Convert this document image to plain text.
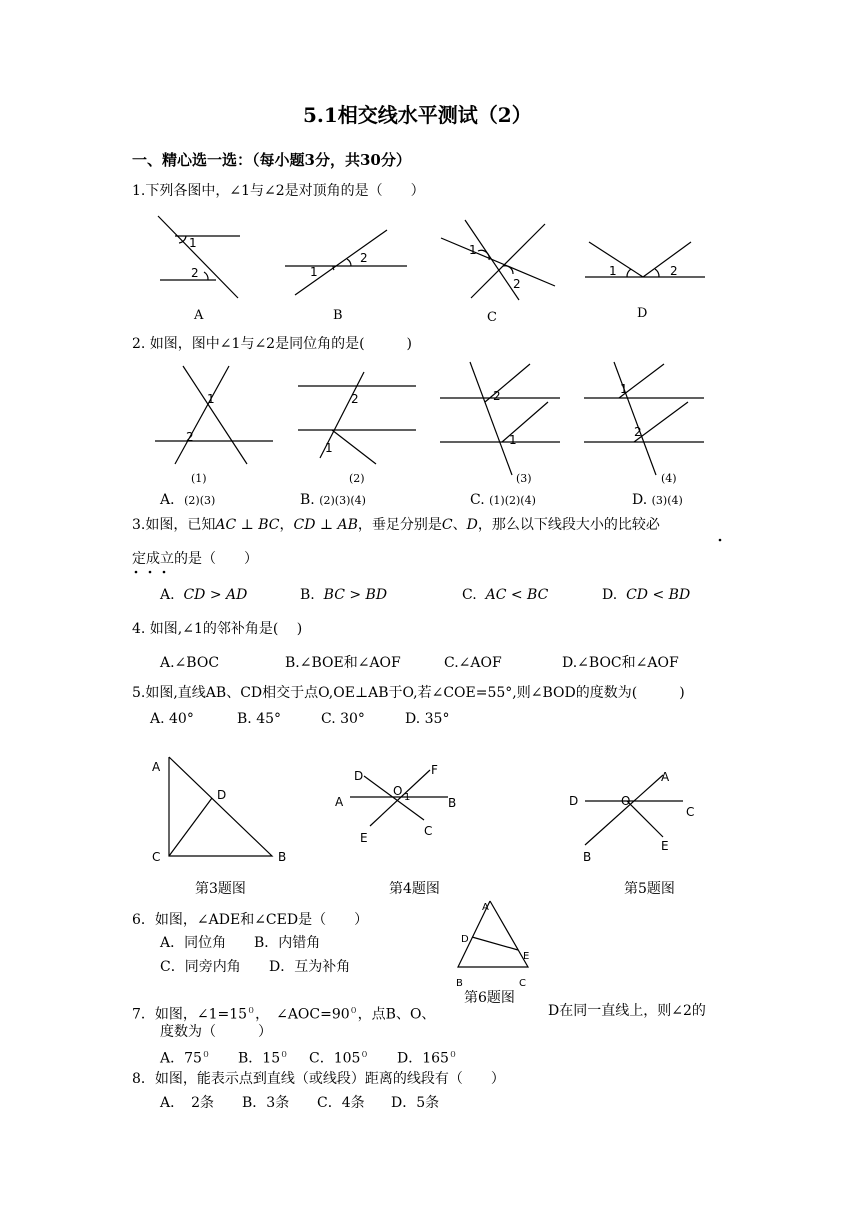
5.1相交线水平测试（2）
一、精心选一选：（每小题3分，共30分）
1.下列各图中，∠1与∠2是对顶角的是（　　）
1
2	1
2
1
2
1	2
A	B	C	D
2. 如图，图中∠1与∠2是同位角的是(　　　)
1
2
2
1
2
1
1
2
(1)	(2)	(3)	(4)
A．(2)(3)	B. (2)(3)(4)	C. (1)(2)(4)	D. (3)(4)
3.如图，已知AC ⊥ BC，CD ⊥ AB，垂足分别是C、D，那么以下线段大小的比较必
定成立的是（　　）
A. CD > AD	B. BC > BD	C. AC < BC	D. CD < BD
4. 如图,∠1的邻补角是(　 )
A.∠BOC	B.∠BOE和∠AOF	C.∠AOF	D.∠BOC和∠AOF
5.如图,直线AB、CD相交于点O,OE⊥AB于O,若∠COE=55°,则∠BOD的度数为(　　　)
A. 40°	B. 45°	C. 30°	D. 35°
A
D
C	B
D	F
A
O 1	B
E	C
A
D	O
C
B
E
第3题图	第4题图	第5题图
6．如图，∠ADE和∠CED是（　　）
A．同位角 B．内错角
C．同旁内角 D．互为补角
A
D
E
B	C
第6题图
7．如图，$\angle 1=15^0$，　$\angle AOC=90^0$，点B、O、	D在同一直线上，则∠2的
度数为（　　　）
A．$75^0$ B．$15^0$ C．$105^0$ D．$165^0$
8．如图，能表示点到直线（或线段）距离的线段有（　　）
A．　2条 B．3条 C．4条 D．5条
